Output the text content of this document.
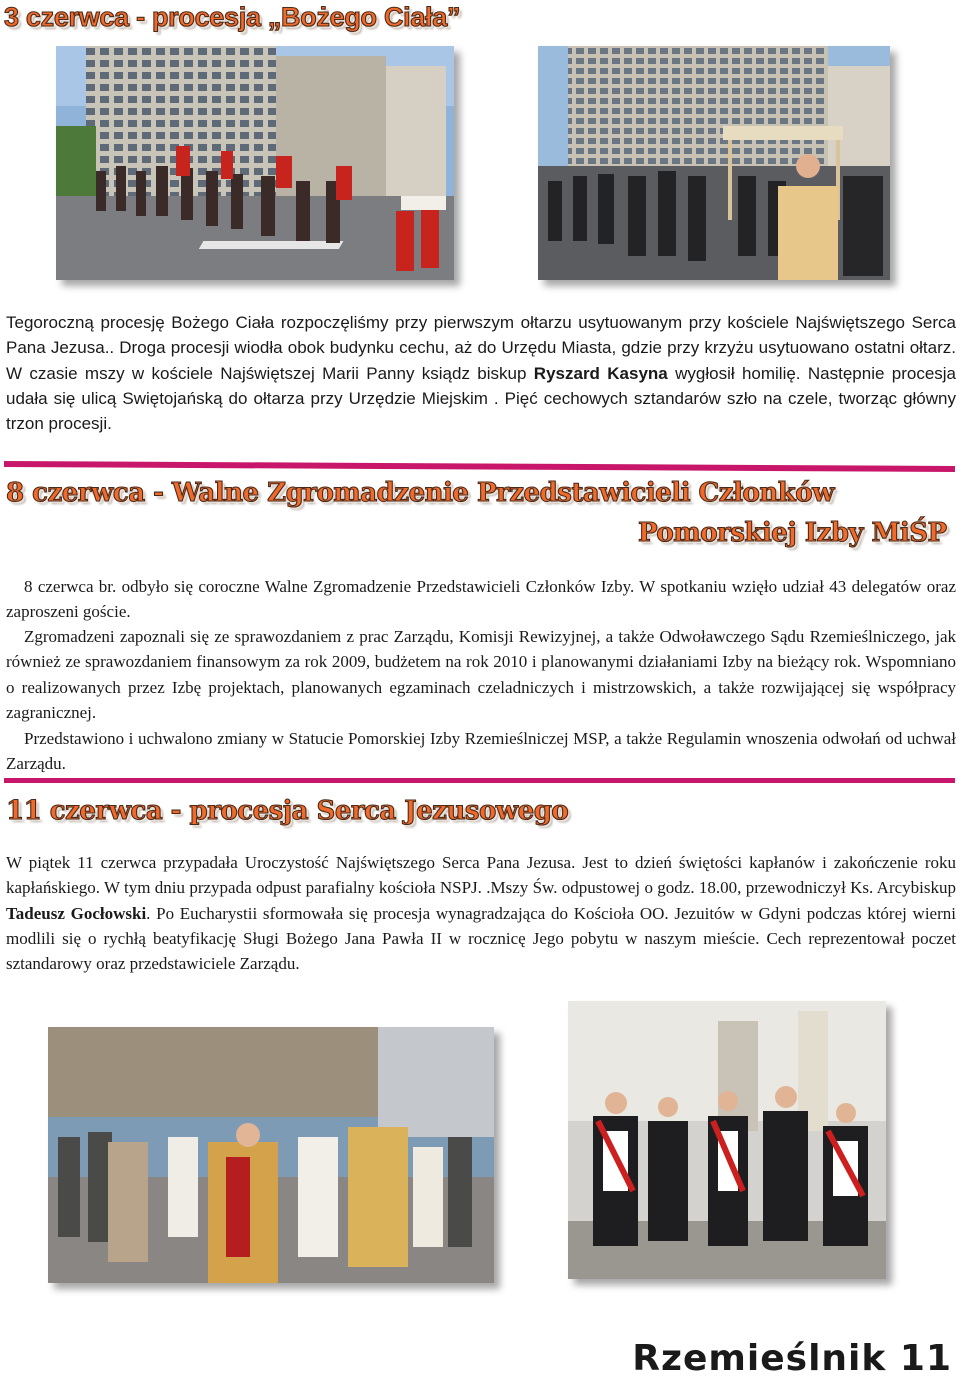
3 czerwca - procesja „Bożego Ciała”

Tegoroczną procesję Bożego Ciała rozpoczęliśmy przy pierwszym ołtarzu usytuowanym przy kościele Najświętszego Serca Pana Jezusa.. Droga procesji wiodła obok budynku cechu, aż do Urzędu Miasta, gdzie przy krzyżu usytuowano ostatni ołtarz. W czasie mszy w kościele Najświętszej Marii Panny ksiądz biskup Ryszard Kasyna wygłosił homilię. Następnie procesja udała się ulicą Swiętojańską do ołtarza przy Urzędzie Miejskim . Pięć cechowych sztandarów szło na czele, tworząc główny trzon procesji.

8 czerwca - Walne Zgromadzenie Przedstawicieli Członków
Pomorskiej Izby MiŚP

8 czerwca br. odbyło się coroczne Walne Zgromadzenie Przedstawicieli Członków Izby. W spotkaniu wzięło udział 43 delegatów oraz zaproszeni goście.

Zgromadzeni zapoznali się ze sprawozdaniem z prac Zarządu, Komisji Rewizyjnej, a także Odwoławczego Sądu Rzemieślniczego, jak również ze sprawozdaniem finansowym za rok 2009, budżetem na rok 2010 i planowanymi działaniami Izby na bieżący rok. Wspomniano o realizowanych przez Izbę projektach, planowanych egzaminach czeladniczych i mistrzowskich, a także rozwijającej się współpracy zagranicznej.

Przedstawiono i uchwalono zmiany w Statucie Pomorskiej Izby Rzemieślniczej MSP, a także Regulamin wnoszenia odwołań od uchwał Zarządu.

11 czerwca - procesja Serca Jezusowego

W piątek 11 czerwca przypadała Uroczystość Najświętszego Serca Pana Jezusa. Jest to dzień świętości kapłanów i zakończenie roku kapłańskiego. W tym dniu przypada odpust parafialny kościoła NSPJ. .Mszy Św. odpustowej o godz. 18.00, przewodniczył Ks. Arcybiskup Tadeusz Gocłowski. Po Eucharystii sformowała się procesja wynagradzająca do Kościoła OO. Jezuitów w Gdyni podczas której wierni modlili się o rychłą beatyfikację Sługi Bożego Jana Pawła II w rocznicę Jego pobytu w naszym mieście. Cech reprezentował poczet sztandarowy oraz przedstawiciele Zarządu.

Rzemieślnik 11
